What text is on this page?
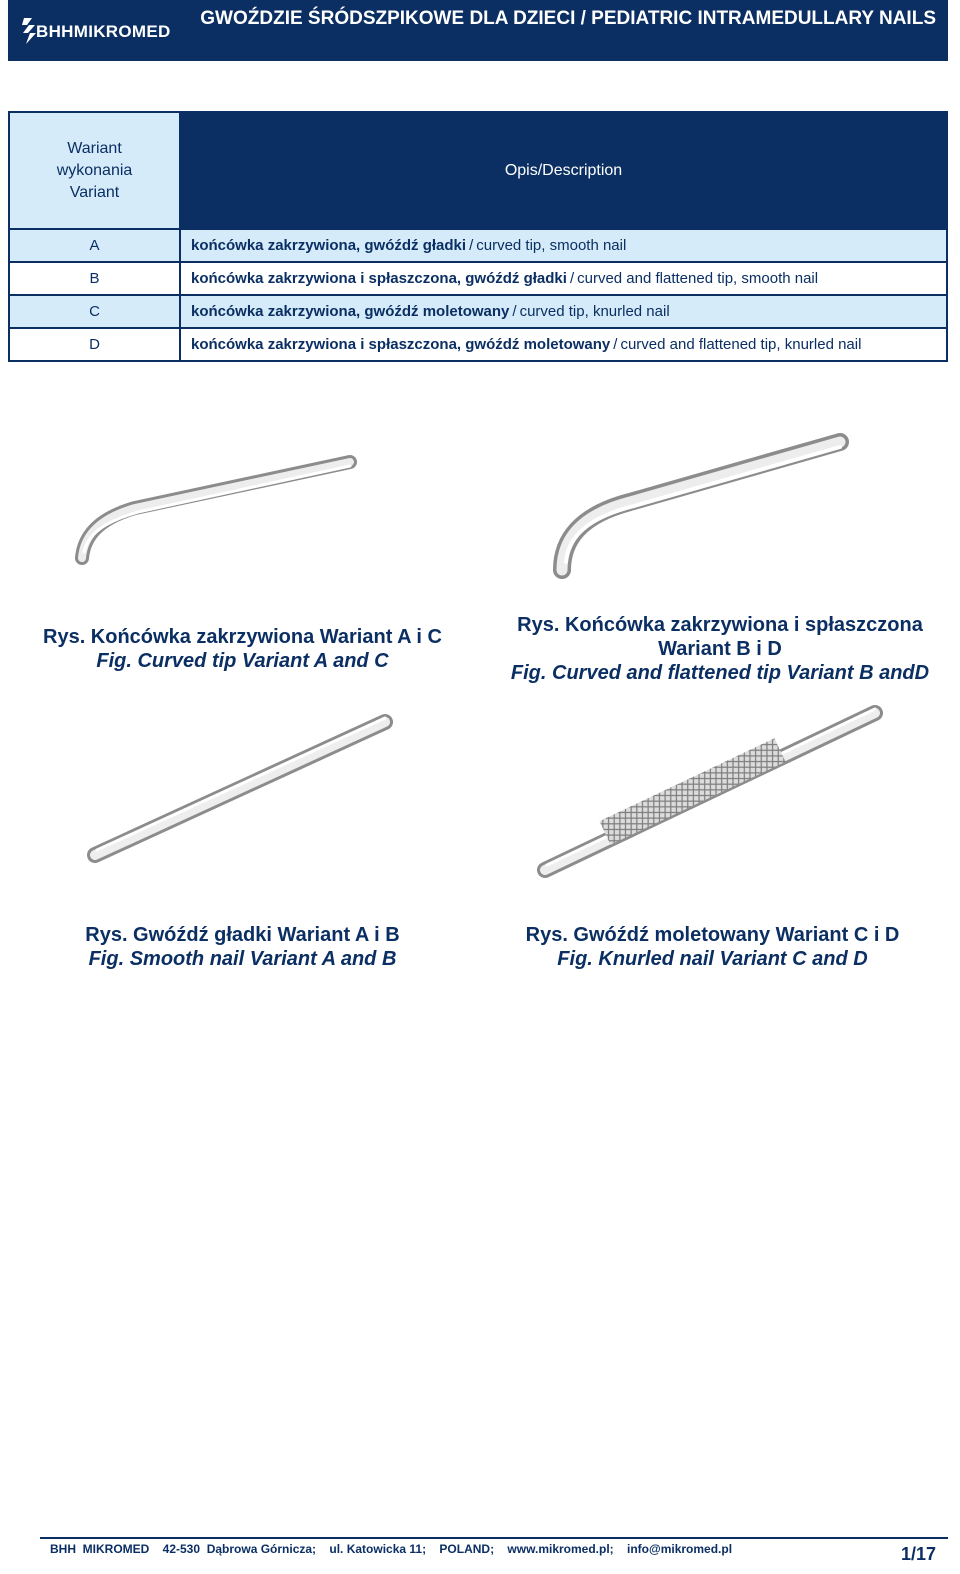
BHHMIKROMED
GWOŹDZIE ŚRÓDSZPIKOWE DLA DZIECI / PEDIATRIC INTRAMEDULLARY NAILS
Wariant
wykonania
Variant	Opis/Description
A	końcówka zakrzywiona, gwóźdź gładki / curved tip, smooth nail
B	końcówka zakrzywiona i spłaszczona, gwóźdź gładki / curved and flattened tip, smooth nail
C	końcówka zakrzywiona, gwóźdź moletowany / curved tip, knurled nail
D	końcówka zakrzywiona i spłaszczona, gwóźdź moletowany / curved and flattened tip, knurled nail
Rys. Końcówka zakrzywiona Wariant A i C
Fig. Curved tip Variant A and C
Rys. Końcówka zakrzywiona i spłaszczona Wariant B i D
Fig. Curved and flattened tip Variant B andD
Rys. Gwóźdź gładki Wariant A i B
Fig. Smooth nail Variant A and B
Rys. Gwóźdź moletowany Wariant C i D
Fig. Knurled nail Variant C and D
BHH  MIKROMED    42-530  Dąbrowa Górnicza;    ul. Katowicka 11;    POLAND;    www.mikromed.pl;    info@mikromed.pl	1/17
